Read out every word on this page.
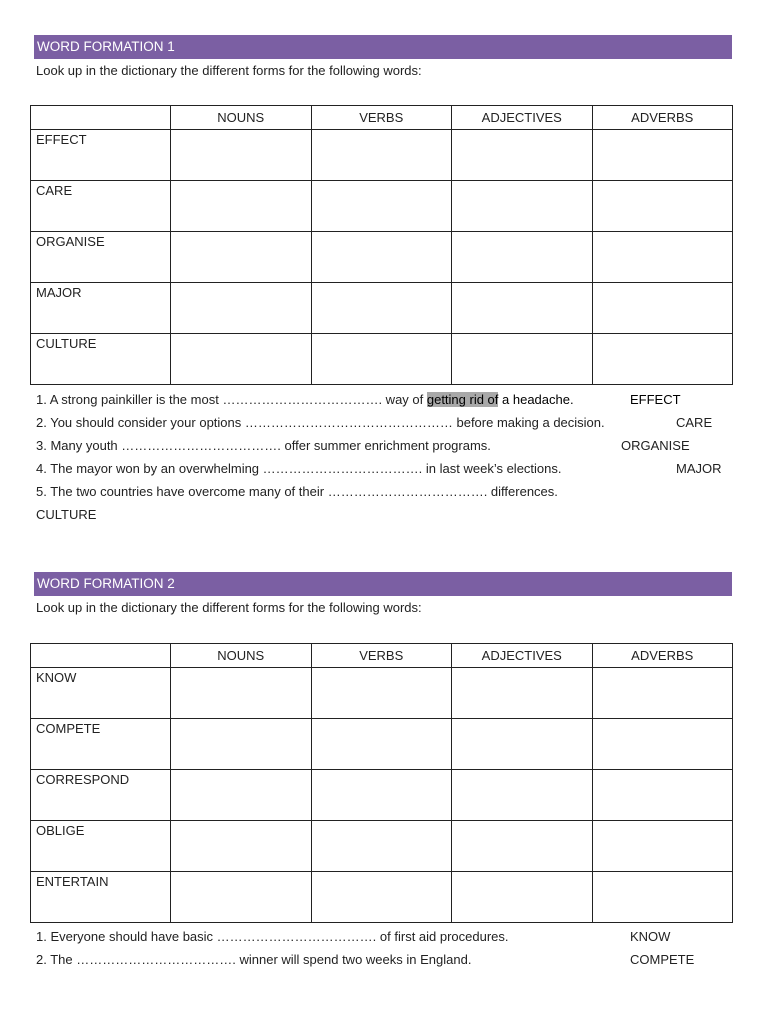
WORD FORMATION 1
Look up in the dictionary the different forms for the following words:
	NOUNS	VERBS	ADJECTIVES	ADVERBS
EFFECT				
CARE				
ORGANISE				
MAJOR				
CULTURE				
1. A strong painkiller is the most ………………………………. way of getting rid of a headache.	EFFECT
2. You should consider your options ………………………………………… before making a decision.	CARE
3. Many youth ………………………………. offer summer enrichment programs.	ORGANISE
4. The mayor won by an overwhelming ………………………………. in last week’s elections.	MAJOR
5. The two countries have overcome many of their ………………………………. differences.
CULTURE
WORD FORMATION 2
Look up in the dictionary the different forms for the following words:
	NOUNS	VERBS	ADJECTIVES	ADVERBS
KNOW				
COMPETE				
CORRESPOND				
OBLIGE				
ENTERTAIN				
1. Everyone should have basic ………………………………. of first aid procedures.	KNOW
2. The ………………………………. winner will spend two weeks in England.	COMPETE
